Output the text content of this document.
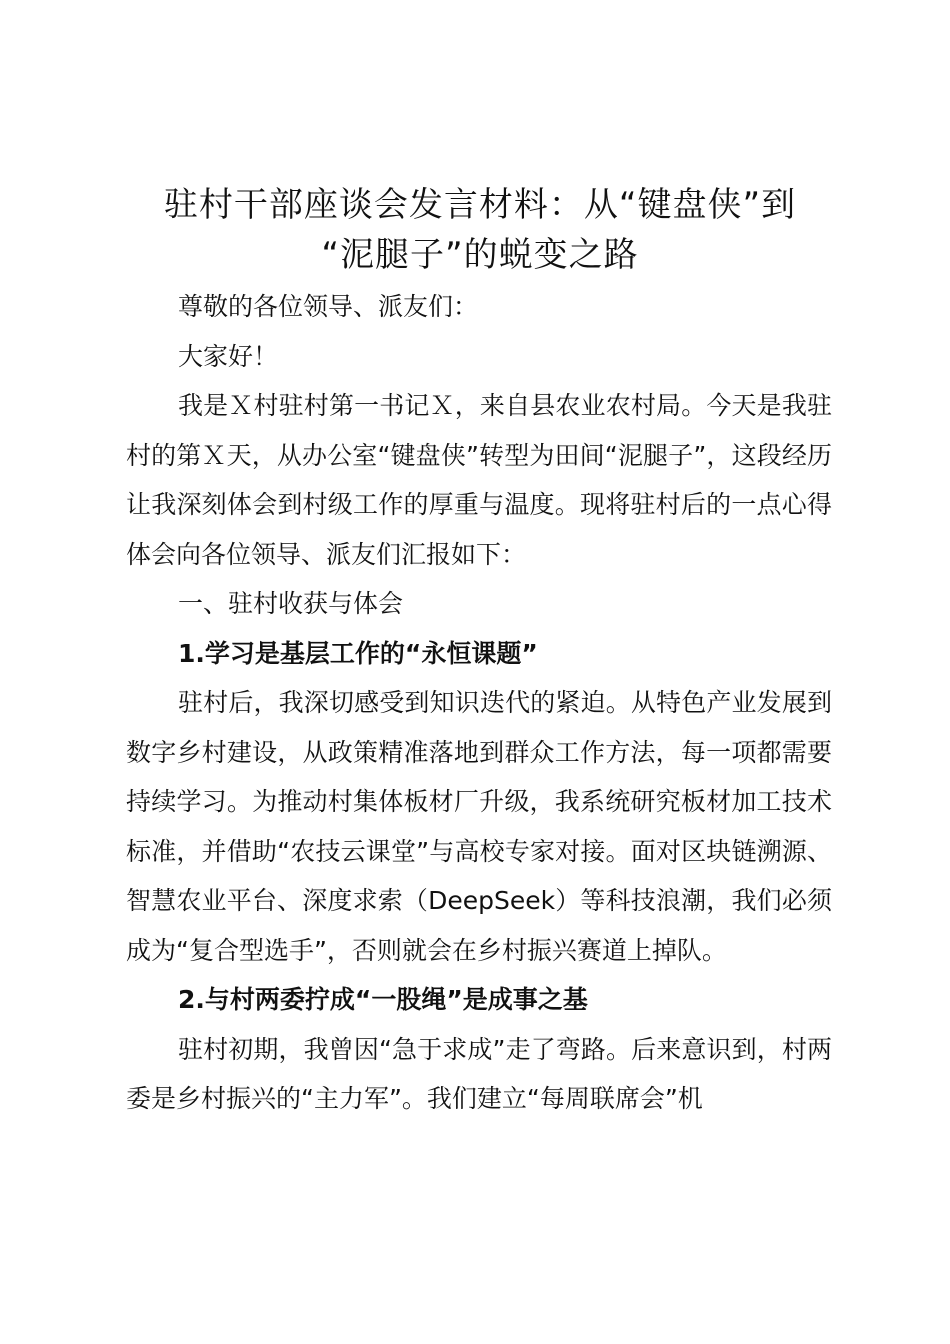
驻村干部座谈会发言材料：从“键盘侠”到
“泥腿子”的蜕变之路

尊敬的各位领导、派友们：

大家好！

我是Ｘ村驻村第一书记Ｘ，来自县农业农村局。今天是我驻村的第Ｘ天，从办公室“键盘侠”转型为田间“泥腿子”，这段经历让我深刻体会到村级工作的厚重与温度。现将驻村后的一点心得体会向各位领导、派友们汇报如下：

一、驻村收获与体会

1.学习是基层工作的“永恒课题”

驻村后，我深切感受到知识迭代的紧迫。从特色产业发展到数字乡村建设，从政策精准落地到群众工作方法，每一项都需要持续学习。为推动村集体板材厂升级，我系统研究板材加工技术标准，并借助“农技云课堂”与高校专家对接。面对区块链溯源、智慧农业平台、深度求索（DeepSeek）等科技浪潮，我们必须成为“复合型选手”，否则就会在乡村振兴赛道上掉队。

2.与村两委拧成“一股绳”是成事之基

驻村初期，我曾因“急于求成”走了弯路。后来意识到，村两委是乡村振兴的“主力军”。我们建立“每周联席会”机
